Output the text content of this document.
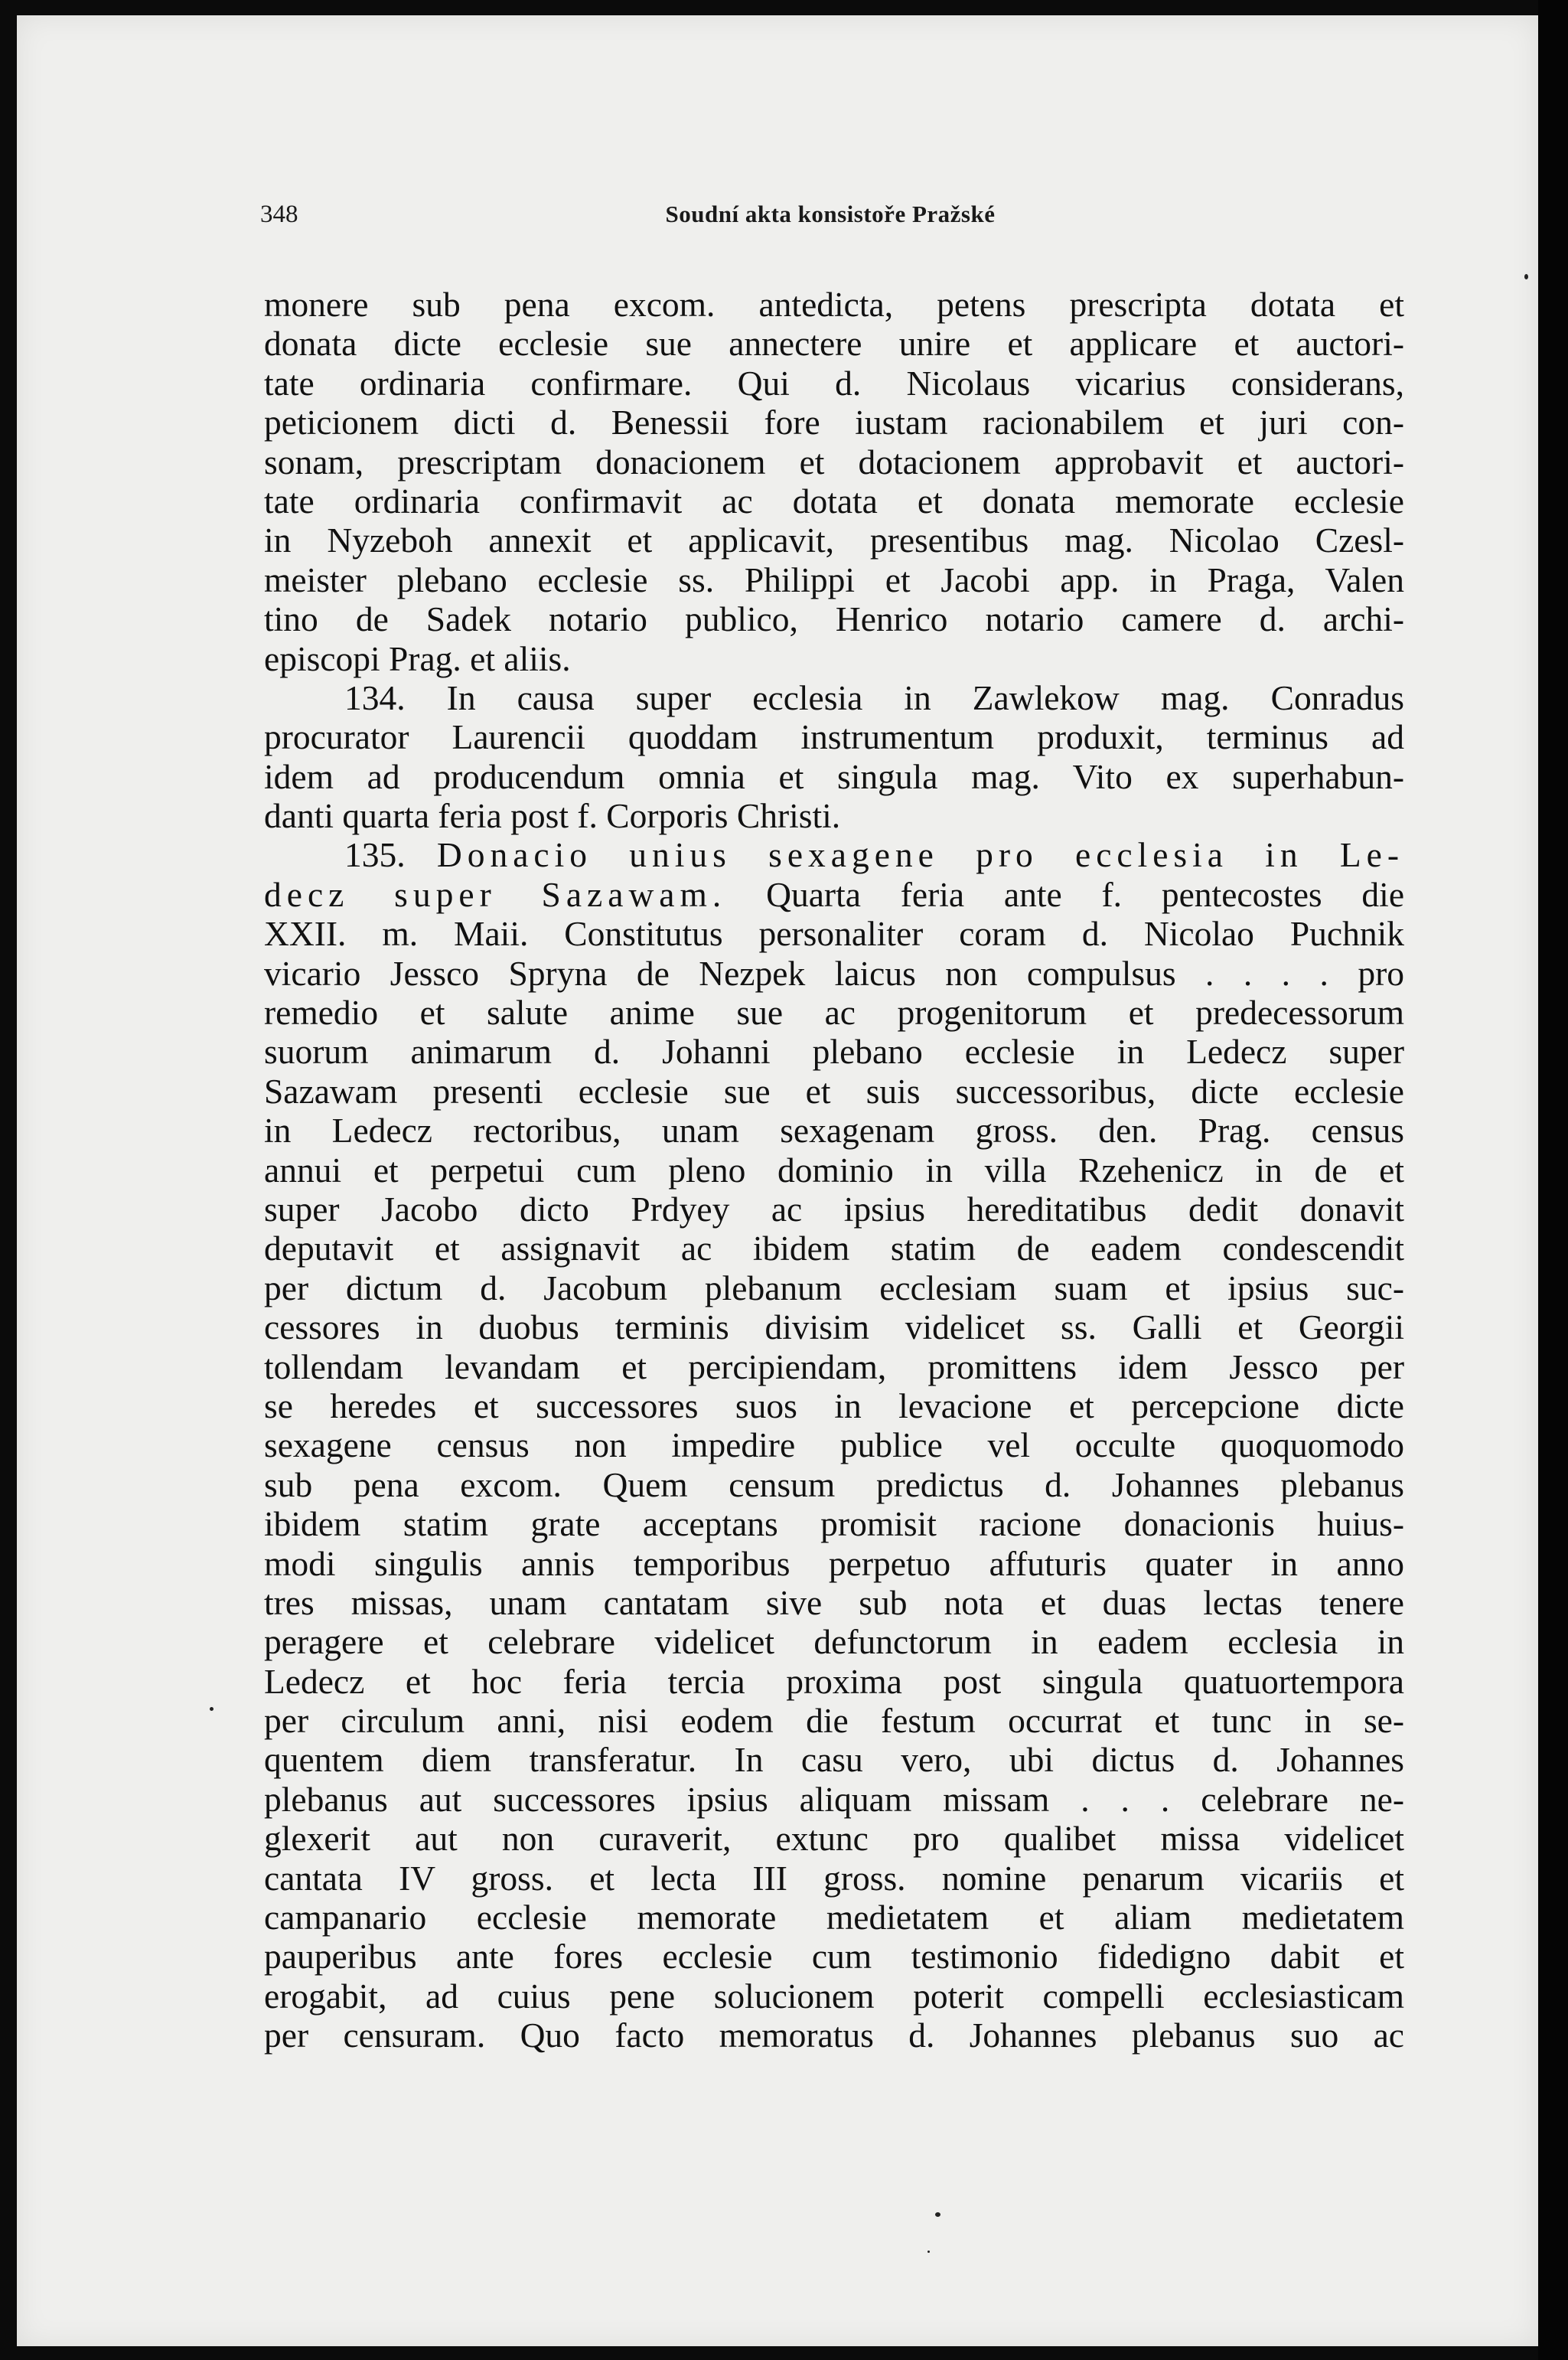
348	Soudní akta konsistoře Pražské
monere sub pena excom. antedicta, petens prescripta dotata et
donata dicte ecclesie sue annectere unire et applicare et auctori-
tate ordinaria confirmare. Qui d. Nicolaus vicarius considerans,
peticionem dicti d. Benessii fore iustam racionabilem et juri con-
sonam, prescriptam donacionem et dotacionem approbavit et auctori-
tate ordinaria confirmavit ac dotata et donata memorate ecclesie
in Nyzeboh annexit et applicavit, presentibus mag. Nicolao Czesl-
meister plebano ecclesie ss. Philippi et Jacobi app. in Praga, Valen
tino de Sadek notario publico, Henrico notario camere d. archi-
episcopi Prag. et aliis.
134. In causa super ecclesia in Zawlekow mag. Conradus
procurator Laurencii quoddam instrumentum produxit, terminus ad
idem ad producendum omnia et singula mag. Vito ex superhabun-
danti quarta feria post f. Corporis Christi.
135. Donacio unius sexagene pro ecclesia in Le-
decz super Sazawam. Quarta feria ante f. pentecostes die
XXII. m. Maii. Constitutus personaliter coram d. Nicolao Puchnik
vicario Jessco Spryna de Nezpek laicus non compulsus . . . . pro
remedio et salute anime sue ac progenitorum et predecessorum
suorum animarum d. Johanni plebano ecclesie in Ledecz super
Sazawam presenti ecclesie sue et suis successoribus, dicte ecclesie
in Ledecz rectoribus, unam sexagenam gross. den. Prag. census
annui et perpetui cum pleno dominio in villa Rzehenicz in de et
super Jacobo dicto Prdyey ac ipsius hereditatibus dedit donavit
deputavit et assignavit ac ibidem statim de eadem condescendit
per dictum d. Jacobum plebanum ecclesiam suam et ipsius suc-
cessores in duobus terminis divisim videlicet ss. Galli et Georgii
tollendam levandam et percipiendam, promittens idem Jessco per
se heredes et successores suos in levacione et percepcione dicte
sexagene census non impedire publice vel occulte quoquomodo
sub pena excom. Quem censum predictus d. Johannes plebanus
ibidem statim grate acceptans promisit racione donacionis huius-
modi singulis annis temporibus perpetuo affuturis quater in anno
tres missas, unam cantatam sive sub nota et duas lectas tenere
peragere et celebrare videlicet defunctorum in eadem ecclesia in
Ledecz et hoc feria tercia proxima post singula quatuortempora
per circulum anni, nisi eodem die festum occurrat et tunc in se-
quentem diem transferatur. In casu vero, ubi dictus d. Johannes
plebanus aut successores ipsius aliquam missam . . . celebrare ne-
glexerit aut non curaverit, extunc pro qualibet missa videlicet
cantata IV gross. et lecta III gross. nomine penarum vicariis et
campanario ecclesie memorate medietatem et aliam medietatem
pauperibus ante fores ecclesie cum testimonio fidedigno dabit et
erogabit, ad cuius pene solucionem poterit compelli ecclesiasticam
per censuram. Quo facto memoratus d. Johannes plebanus suo ac
